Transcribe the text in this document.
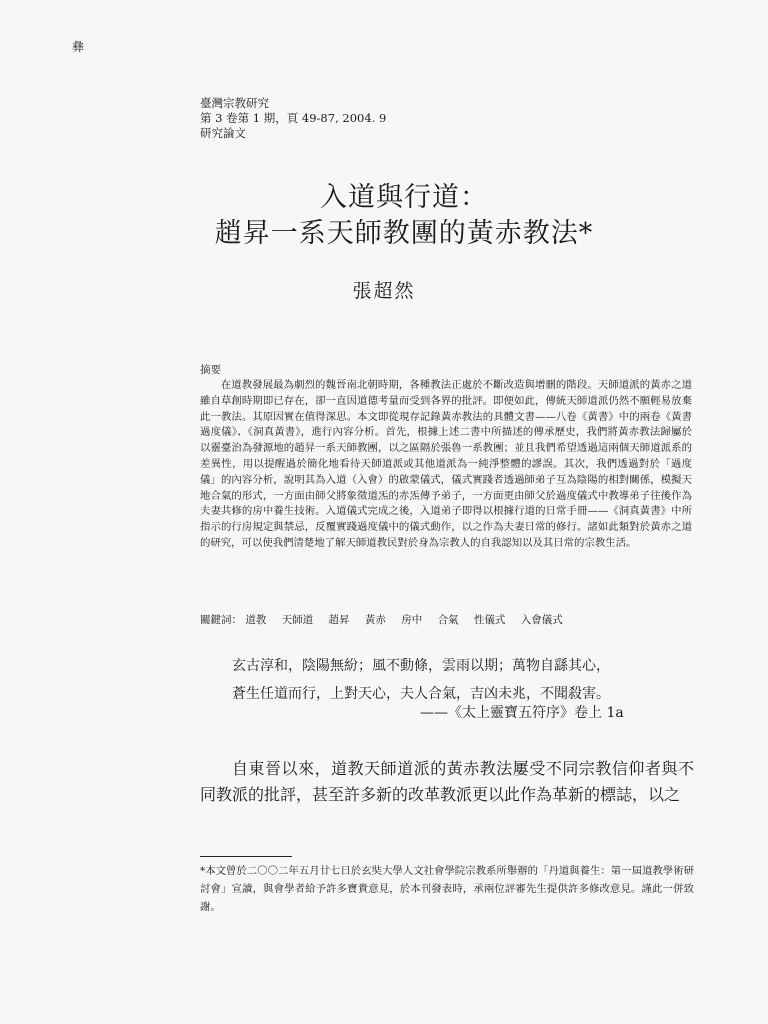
彝
臺灣宗教研究
第 3 卷第 1 期，頁 49-87, 2004. 9
研究論文
入道與行道：
趙昇一系天師教團的黃赤教法*
張超然
摘要

在道教發展最為劇烈的魏晉南北朝時期，各種教法正處於不斷改造與增刪的階段。天師道派的黃赤之道雖自草創時期即已存在，卻一直因道德考量而受到各界的批評。即便如此，傳統天師道派仍然不願輕易放棄此一教法。其原因實在值得深思。本文即從現存記錄黃赤教法的具體文書——八卷《黃書》中的兩卷《黃書過度儀》、《洞真黃書》，進行內容分析。首先，根據上述二書中所描述的傳承歷史，我們將黃赤教法歸屬於以靈臺治為發源地的趙昇一系天師教團，以之區隔於張魯一系教團；並且我們希望透過這兩個天師道派系的差異性，用以提醒過於簡化地看待天師道派或其他道派為一純淨整體的謬誤。其次，我們透過對於「過度儀」的內容分析，說明其為入道（入會）的啟蒙儀式，儀式實踐者透過師弟子互為陰陽的相對關係，模擬天地合氣的形式，一方面由師父將象徵道炁的赤炁傳予弟子，一方面更由師父於過度儀式中教導弟子往後作為夫妻共修的房中養生技術。入道儀式完成之後，入道弟子即得以根據行道的日常手冊——《洞真黃書》中所指示的行房規定與禁忌，反覆實踐過度儀中的儀式動作，以之作為夫妻日常的修行。諸如此類對於黃赤之道的研究，可以使我們清楚地了解天師道教民對於身為宗教人的自我認知以及其日常的宗教生活。

關鍵詞： 道教 天師道 趙昇 黃赤 房中 合氣 性儀式 入會儀式
玄古淳和，陰陽無紛；風不動條，雲雨以期；萬物自繇其心，
蒼生任道而行，上對天心，夫人合氣，吉凶未兆，不聞殺害。
——《太上靈寶五符序》卷上 1a

自東晉以來，道教天師道派的黃赤教法屢受不同宗教信仰者與不同教派的批評，甚至許多新的改革教派更以此作為革新的標誌，以之

*本文曾於二〇〇二年五月廿七日於玄奘大學人文社會學院宗教系所舉辦的「丹道與養生：第一屆道教學術研討會」宣讀，與會學者給予許多寶貴意見，於本刊發表時，承兩位評審先生提供許多修改意見。謹此一併致謝。
